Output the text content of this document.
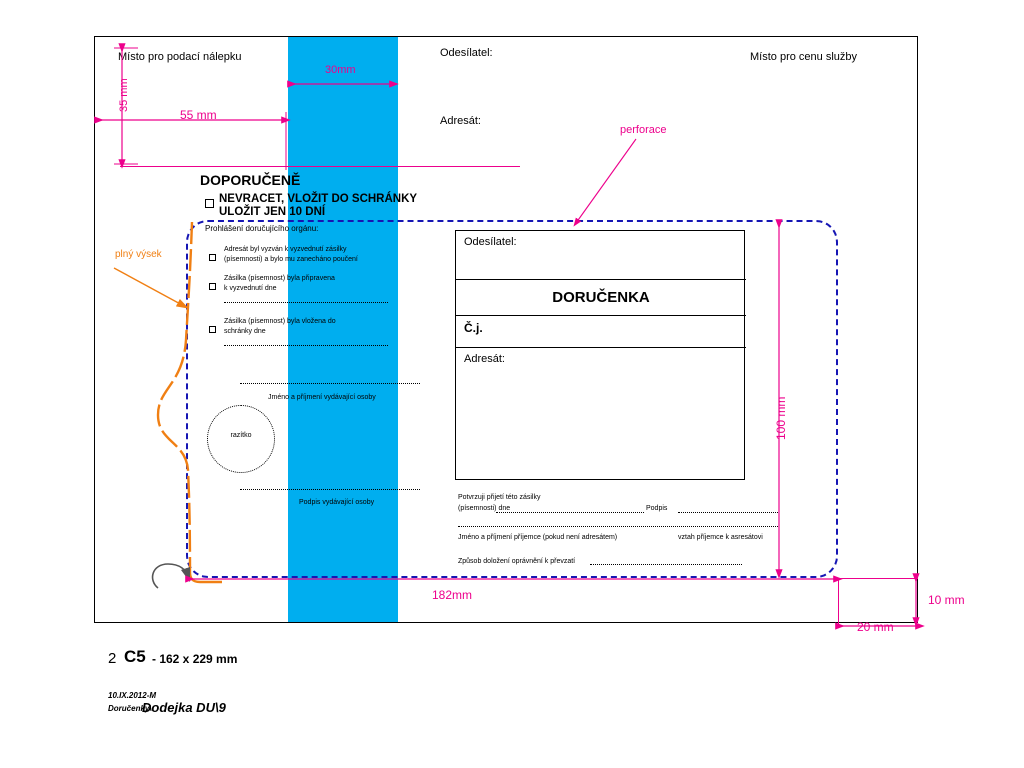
Místo pro podací nálepku	Místo pro cenu služby
Odesílatel:
Adresát:
35 mm
55 mm
30mm
DOPORUČENĚ
NEVRACET, VLOŽIT DO SCHRÁNKY
ULOŽIT JEN 10 DNÍ
Prohlášení doručujícího orgánu:
Adresát byl vyzván k vyzvednutí zásilky
(písemnosti) a bylo mu zanecháno poučení
Zásilka (písemnost) byla připravena
k vyzvednutí dne
Zásilka (písemnost) byla vložena do
schránky dne
Jméno a příjmení vydávající osoby
razítko
Podpis vydávající osoby
Odesílatel:
DORUČENKA
Č.j.
Adresát:
Potvrzuji přijetí této zásilky
(písemnosti) dne	Podpis
Jméno a příjmení příjemce (pokud není adresátem)	vztah příjemce k asresátovi
Způsob doložení oprávnění k převzatí
plný výsek
perforace
100 mm
182mm	10 mm
20 mm
2 C5 - 162 x 229 mm
10.IX.2012-M
Doručenky\
Dodejka DU\9
